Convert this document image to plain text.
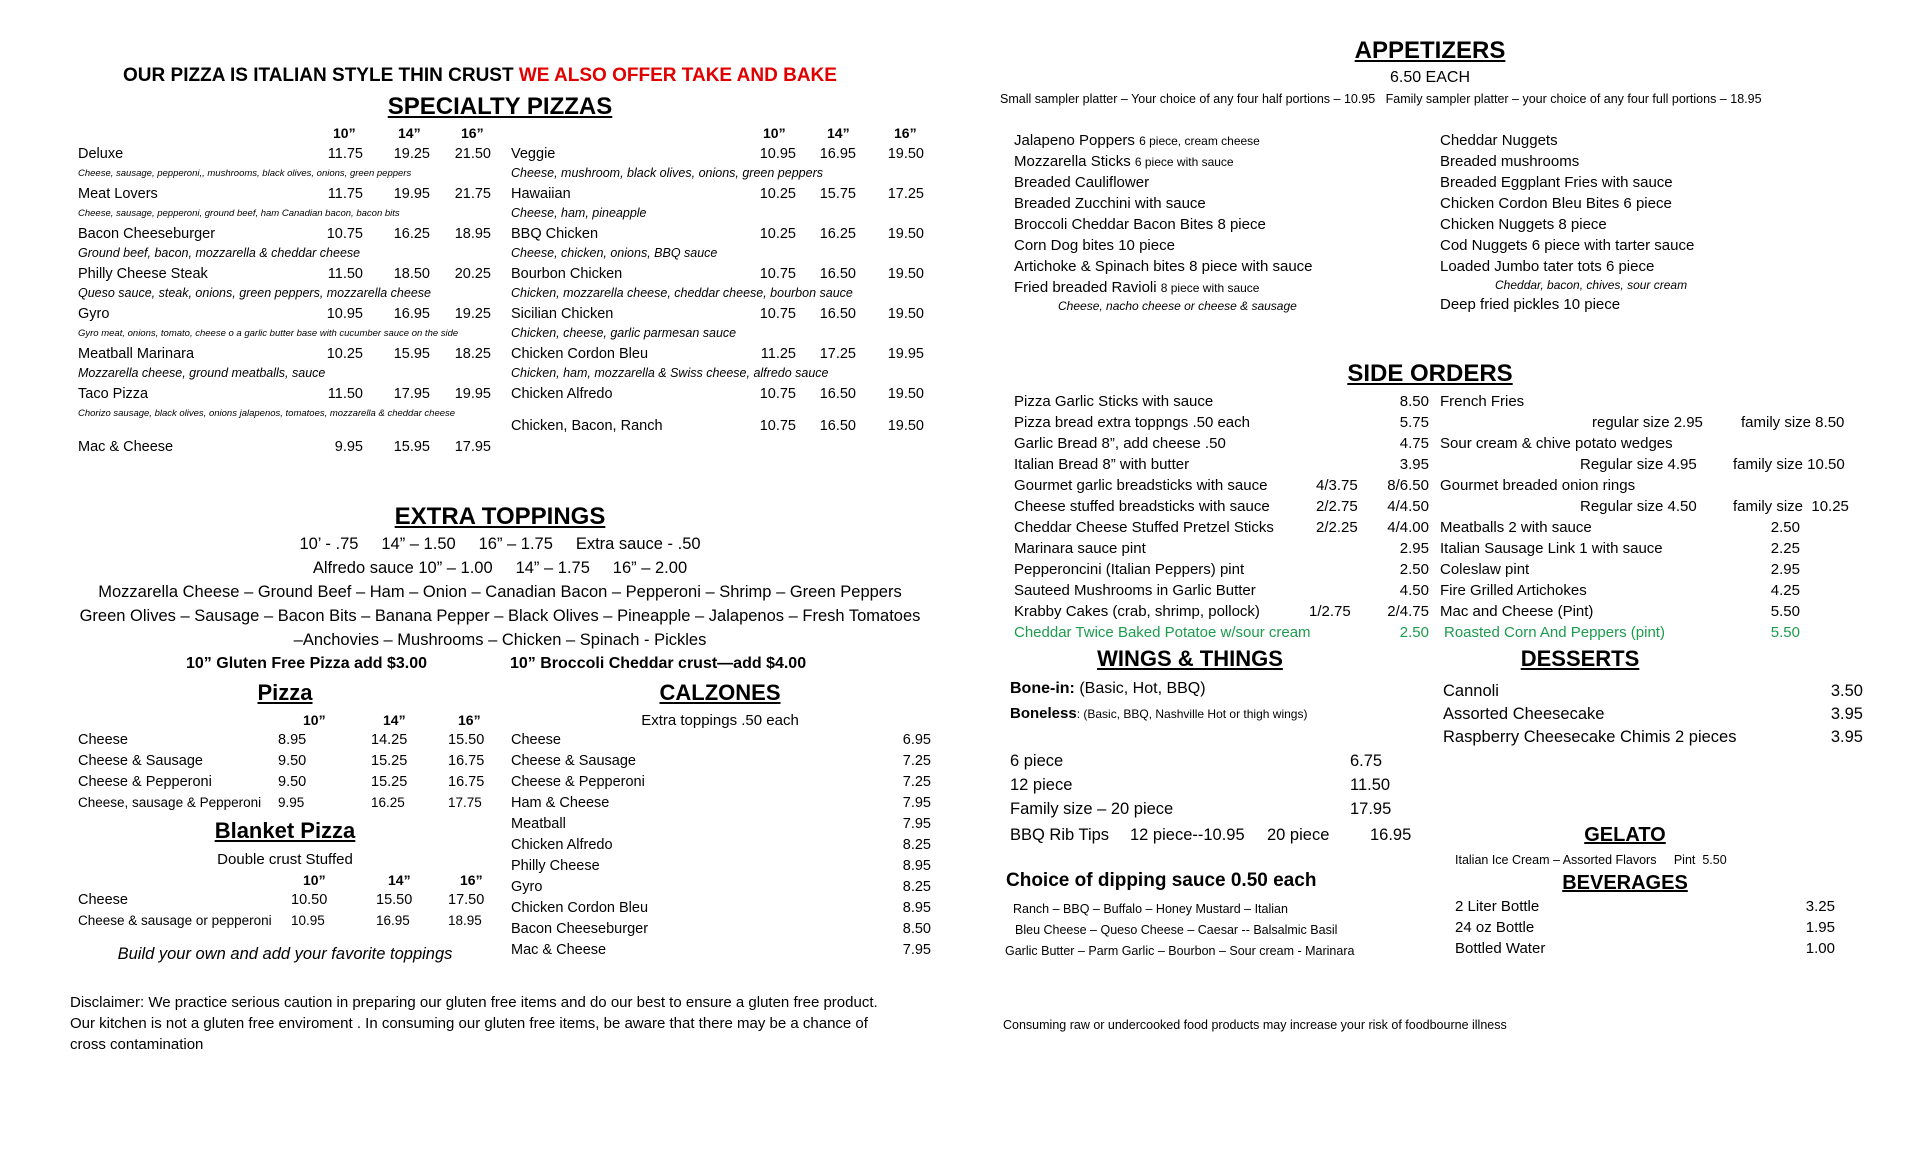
OUR PIZZA IS ITALIAN STYLE THIN CRUST WE ALSO OFFER TAKE AND BAKE
SPECIALTY PIZZAS
10”	14”	16”	10”	14”	16”
Deluxe	11.75	19.25	21.50
Cheese, sausage, pepperoni,, mushrooms, black olives, onions, green peppers
Meat Lovers	11.75	19.95	21.75
Cheese, sausage, pepperoni, ground beef, ham Canadian bacon, bacon bits
Bacon Cheeseburger	10.75	16.25	18.95
Ground beef, bacon, mozzarella & cheddar cheese
Philly Cheese Steak	11.50	18.50	20.25
Queso sauce, steak, onions, green peppers, mozzarella cheese
Gyro	10.95	16.95	19.25
Gyro meat, onions, tomato, cheese o a garlic butter base with cucumber sauce on the side
Meatball Marinara	10.25	15.95	18.25
Mozzarella cheese, ground meatballs, sauce
Taco Pizza	11.50	17.95	19.95
Chorizo sausage, black olives, onions jalapenos, tomatoes, mozzarella & cheddar cheese
Mac & Cheese	9.95	15.95	17.95
Veggie	10.95	16.95	19.50
Cheese, mushroom, black olives, onions, green peppers
Hawaiian	10.25	15.75	17.25
Cheese, ham, pineapple
BBQ Chicken	10.25	16.25	19.50
Cheese, chicken, onions, BBQ sauce
Bourbon Chicken	10.75	16.50	19.50
Chicken, mozzarella cheese, cheddar cheese, bourbon sauce
Sicilian Chicken	10.75	16.50	19.50
Chicken, cheese, garlic parmesan sauce
Chicken Cordon Bleu	11.25	17.25	19.95
Chicken, ham, mozzarella & Swiss cheese, alfredo sauce
Chicken Alfredo	10.75	16.50	19.50
Chicken, Bacon, Ranch	10.75	16.50	19.50
EXTRA TOPPINGS
10’ - .75     14” – 1.50     16” – 1.75     Extra sauce - .50
Alfredo sauce 10” – 1.00     14” – 1.75     16” – 2.00
Mozzarella Cheese – Ground Beef – Ham – Onion – Canadian Bacon – Pepperoni – Shrimp – Green Peppers
Green Olives – Sausage – Bacon Bits – Banana Pepper – Black Olives – Pineapple – Jalapenos – Fresh Tomatoes
–Anchovies – Mushrooms – Chicken – Spinach - Pickles
10” Gluten Free Pizza add $3.00	10” Broccoli Cheddar crust—add $4.00
Pizza
10”	14”	16”
Cheese	8.95	14.25	15.50
Cheese & Sausage	9.50	15.25	16.75
Cheese & Pepperoni	9.50	15.25	16.75
Cheese, sausage & Pepperoni 9.95	16.25	17.75
Blanket Pizza
Double crust Stuffed
10”	14”	16”
Cheese	10.50	15.50 17.50
Cheese & sausage or pepperoni 10.95	16.95	18.95
Build your own and add your favorite toppings
CALZONES
Extra toppings .50 each
Cheese	6.95
Cheese & Sausage	7.25
Cheese & Pepperoni	7.25
Ham & Cheese	7.95
Meatball	7.95
Chicken Alfredo	8.25
Philly Cheese	8.95
Gyro	8.25
Chicken Cordon Bleu	8.95
Bacon Cheeseburger	8.50
Mac & Cheese	7.95
Disclaimer: We practice serious caution in preparing our gluten free items and do our best to ensure a gluten free product.
Our kitchen is not a gluten free enviroment . In consuming our gluten free items, be aware that there may be a chance of
cross contamination
APPETIZERS
6.50 EACH
Small sampler platter – Your choice of any four half portions – 10.95   Family sampler platter – your choice of any four full portions – 18.95
Jalapeno Poppers 6 piece, cream cheese
Mozzarella Sticks 6 piece with sauce
Breaded Cauliflower
Breaded Zucchini with sauce
Broccoli Cheddar Bacon Bites 8 piece
Corn Dog bites 10 piece
Artichoke & Spinach bites 8 piece with sauce
Fried breaded Ravioli 8 piece with sauce
Cheese, nacho cheese or cheese & sausage
Cheddar Nuggets
Breaded mushrooms
Breaded Eggplant Fries with sauce
Chicken Cordon Bleu Bites 6 piece
Chicken Nuggets 8 piece
Cod Nuggets 6 piece with tarter sauce
Loaded Jumbo tater tots 6 piece
Cheddar, bacon, chives, sour cream
Deep fried pickles 10 piece
SIDE ORDERS
Pizza Garlic Sticks with sauce	8.50
Pizza bread extra toppngs .50 each	5.75
Garlic Bread 8”, add cheese .50	4.75
Italian Bread 8” with butter	3.95
Gourmet garlic breadsticks with sauce	4/3.75	8/6.50
Cheese stuffed breadsticks with sauce	2/2.75	4/4.50
Cheddar Cheese Stuffed Pretzel Sticks	2/2.25	4/4.00
Marinara sauce pint	2.95
Pepperoncini (Italian Peppers) pint	2.50
Sauteed Mushrooms in Garlic Butter	4.50
Krabby Cakes (crab, shrimp, pollock)	1/2.75	2/4.75
Cheddar Twice Baked Potatoe w/sour cream	2.50
French Fries
regular size 2.95	family size 8.50
Sour cream & chive potato wedges
Regular size 4.95 family size 10.50
Gourmet breaded onion rings
Regular size 4.50 family size  10.25
Meatballs 2 with sauce	2.50
Italian Sausage Link 1 with sauce	2.25
Coleslaw pint	2.95
Fire Grilled Artichokes	4.25
Mac and Cheese (Pint)	5.50
Roasted Corn And Peppers (pint)	5.50
WINGS & THINGS
Bone-in: (Basic, Hot, BBQ)
Boneless: (Basic, BBQ, Nashville Hot or thigh wings)
6 piece	6.75
12 piece	11.50
Family size – 20 piece	17.95
BBQ Rib Tips 12 piece--10.95 20 piece 16.95
Choice of dipping sauce 0.50 each
Ranch – BBQ – Buffalo – Honey Mustard – Italian
Bleu Cheese – Queso Cheese – Caesar -- Balsalmic Basil
Garlic Butter – Parm Garlic – Bourbon – Sour cream - Marinara
DESSERTS
Cannoli	3.50
Assorted Cheesecake	3.95
Raspberry Cheesecake Chimis 2 pieces	3.95
GELATO
Italian Ice Cream – Assorted Flavors     Pint  5.50
BEVERAGES
2 Liter Bottle	3.25
24 oz Bottle	1.95
Bottled Water	1.00
Consuming raw or undercooked food products may increase your risk of foodbourne illness
